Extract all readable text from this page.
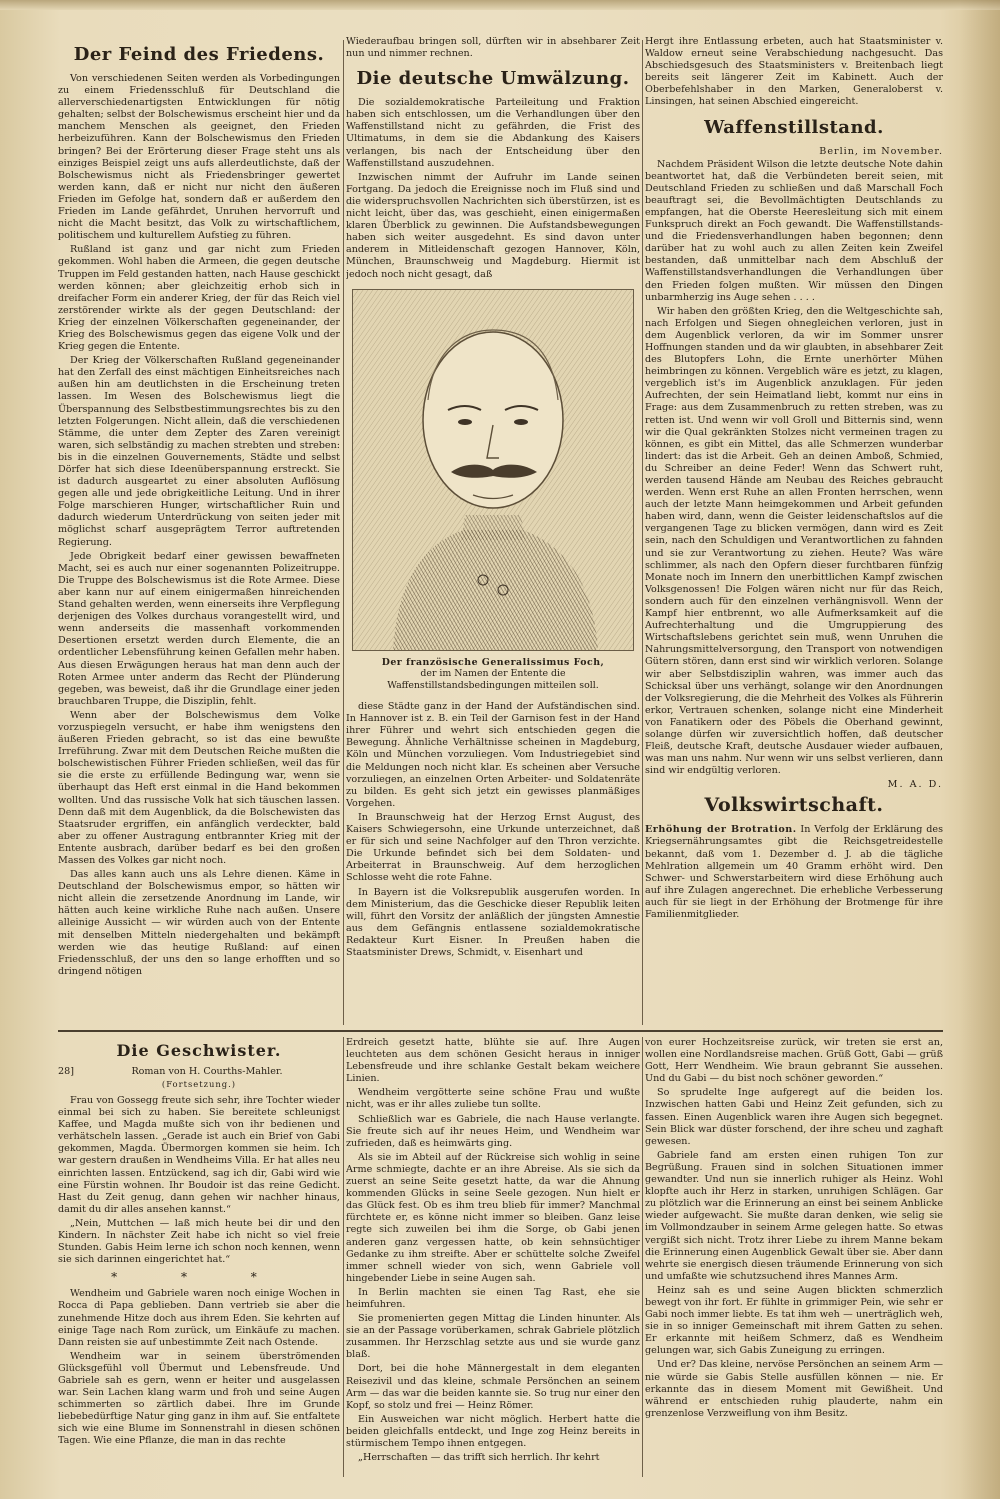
Der Feind des Friedens.

Von verschiedenen Seiten werden als Vorbedingungen zu einem Friedensschluß für Deutschland die allerverschiedenartigsten Entwicklungen für nötig gehalten; selbst der Bolschewismus erscheint hier und da manchem Menschen als geeignet, den Frieden herbeizuführen. Kann der Bolschewismus den Frieden bringen? Bei der Erörterung dieser Frage steht uns als einziges Beispiel zeigt uns aufs allerdeutlichste, daß der Bolschewismus nicht als Friedensbringer gewertet werden kann, daß er nicht nur nicht den äußeren Frieden im Gefolge hat, sondern daß er außerdem den Frieden im Lande gefährdet, Unruhen hervorruft und nicht die Macht besitzt, das Volk zu wirtschaftlichem, politischem und kulturellem Aufstieg zu führen.

Rußland ist ganz und gar nicht zum Frieden gekommen. Wohl haben die Armeen, die gegen deutsche Truppen im Feld gestanden hatten, nach Hause geschickt werden können; aber gleichzeitig erhob sich in dreifacher Form ein anderer Krieg, der für das Reich viel zerstörender wirkte als der gegen Deutschland: der Krieg der einzelnen Völkerschaften gegeneinander, der Krieg des Bolschewismus gegen das eigene Volk und der Krieg gegen die Entente.

Der Krieg der Völkerschaften Rußland gegeneinander hat den Zerfall des einst mächtigen Einheitsreiches nach außen hin am deutlichsten in die Erscheinung treten lassen. Im Wesen des Bolschewismus liegt die Überspannung des Selbstbestimmungsrechtes bis zu den letzten Folgerungen. Nicht allein, daß die verschiedenen Stämme, die unter dem Zepter des Zaren vereinigt waren, sich selbständig zu machen strebten und streben: bis in die einzelnen Gouvernements, Städte und selbst Dörfer hat sich diese Ideenüberspannung erstreckt. Sie ist dadurch ausgeartet zu einer absoluten Auflösung gegen alle und jede obrigkeitliche Leitung. Und in ihrer Folge marschieren Hunger, wirtschaftlicher Ruin und dadurch wiederum Unterdrückung von seiten jeder mit möglichst scharf ausgeprägtem Terror auftretenden Regierung.

Jede Obrigkeit bedarf einer gewissen bewaffneten Macht, sei es auch nur einer sogenannten Polizeitruppe. Die Truppe des Bolschewismus ist die Rote Armee. Diese aber kann nur auf einem einigermaßen hinreichenden Stand gehalten werden, wenn einerseits ihre Verpflegung derjenigen des Volkes durchaus vorangestellt wird, und wenn anderseits die massenhaft vorkommenden Desertionen ersetzt werden durch Elemente, die an ordentlicher Lebensführung keinen Gefallen mehr haben. Aus diesen Erwägungen heraus hat man denn auch der Roten Armee unter anderm das Recht der Plünderung gegeben, was beweist, daß ihr die Grundlage einer jeden brauchbaren Truppe, die Disziplin, fehlt.

Wenn aber der Bolschewismus dem Volke vorzuspiegeln versucht, er habe ihm wenigstens den äußeren Frieden gebracht, so ist das eine bewußte Irreführung. Zwar mit dem Deutschen Reiche mußten die bolschewistischen Führer Frieden schließen, weil das für sie die erste zu erfüllende Bedingung war, wenn sie überhaupt das Heft erst einmal in die Hand bekommen wollten. Und das russische Volk hat sich täuschen lassen. Denn daß mit dem Augenblick, da die Bolschewisten das Staatsruder ergriffen, ein anfänglich verdeckter, bald aber zu offener Austragung entbrannter Krieg mit der Entente ausbrach, darüber bedarf es bei den großen Massen des Volkes gar nicht noch.

Das alles kann auch uns als Lehre dienen. Käme in Deutschland der Bolschewismus empor, so hätten wir nicht allein die zersetzende Anordnung im Lande, wir hätten auch keine wirkliche Ruhe nach außen. Unsere alleinige Aussicht — wir würden auch von der Entente mit denselben Mitteln niedergehalten und bekämpft werden wie das heutige Rußland: auf einen Friedensschluß, der uns den so lange erhofften und so dringend nötigen

Wiederaufbau bringen soll, dürften wir in absehbarer Zeit nun und nimmer rechnen.

Die deutsche Umwälzung.

Die sozialdemokratische Parteileitung und Fraktion haben sich entschlossen, um die Verhandlungen über den Waffenstillstand nicht zu gefährden, die Frist des Ultimatums, in dem sie die Abdankung des Kaisers verlangen, bis nach der Entscheidung über den Waffenstillstand auszudehnen.

Inzwischen nimmt der Aufruhr im Lande seinen Fortgang. Da jedoch die Ereignisse noch im Fluß sind und die widerspruchsvollen Nachrichten sich überstürzen, ist es nicht leicht, über das, was geschieht, einen einigermaßen klaren Überblick zu gewinnen. Die Aufstandsbewegungen haben sich weiter ausgedehnt. Es sind davon unter anderem in Mitleidenschaft gezogen Hannover, Köln, München, Braunschweig und Magdeburg. Hiermit ist jedoch noch nicht gesagt, daß

Der französische Generalissimus Foch,
der im Namen der Entente die Waffenstillstandsbedingungen mitteilen soll.

diese Städte ganz in der Hand der Aufständischen sind. In Hannover ist z. B. ein Teil der Garnison fest in der Hand ihrer Führer und wehrt sich entschieden gegen die Bewegung. Ähnliche Verhältnisse scheinen in Magdeburg, Köln und München vorzuliegen. Vom Industriegebiet sind die Meldungen noch nicht klar. Es scheinen aber Versuche vorzuliegen, an einzelnen Orten Arbeiter- und Soldatenräte zu bilden. Es geht sich jetzt ein gewisses planmäßiges Vorgehen.

In Braunschweig hat der Herzog Ernst August, des Kaisers Schwiegersohn, eine Urkunde unterzeichnet, daß er für sich und seine Nachfolger auf den Thron verzichte. Die Urkunde befindet sich bei dem Soldaten- und Arbeiterrat in Braunschweig. Auf dem herzoglichen Schlosse weht die rote Fahne.

In Bayern ist die Volksrepublik ausgerufen worden. In dem Ministerium, das die Geschicke dieser Republik leiten will, führt den Vorsitz der anläßlich der jüngsten Amnestie aus dem Gefängnis entlassene sozialdemokratische Redakteur Kurt Eisner. In Preußen haben die Staatsminister Drews, Schmidt, v. Eisenhart und

Hergt ihre Entlassung erbeten, auch hat Staatsminister v. Waldow erneut seine Verabschiedung nachgesucht. Das Abschiedsgesuch des Staatsministers v. Breitenbach liegt bereits seit längerer Zeit im Kabinett. Auch der Oberbefehlshaber in den Marken, Generaloberst v. Linsingen, hat seinen Abschied eingereicht.

Waffenstillstand.
Berlin, im November.

Nachdem Präsident Wilson die letzte deutsche Note dahin beantwortet hat, daß die Verbündeten bereit seien, mit Deutschland Frieden zu schließen und daß Marschall Foch beauftragt sei, die Bevollmächtigten Deutschlands zu empfangen, hat die Oberste Heeresleitung sich mit einem Funkspruch direkt an Foch gewandt. Die Waffenstillstands- und die Friedensverhandlungen haben begonnen; denn darüber hat zu wohl auch zu allen Zeiten kein Zweifel bestanden, daß unmittelbar nach dem Abschluß der Waffenstillstandsverhandlungen die Verhandlungen über den Frieden folgen mußten. Wir müssen den Dingen unbarmherzig ins Auge sehen . . . .

Wir haben den größten Krieg, den die Weltgeschichte sah, nach Erfolgen und Siegen ohnegleichen verloren, just in dem Augenblick verloren, da wir im Sommer unsrer Hoffnungen standen und da wir glaubten, in absehbarer Zeit des Blutopfers Lohn, die Ernte unerhörter Mühen heimbringen zu können. Vergeblich wäre es jetzt, zu klagen, vergeblich ist's im Augenblick anzuklagen. Für jeden Aufrechten, der sein Heimatland liebt, kommt nur eins in Frage: aus dem Zusammenbruch zu retten streben, was zu retten ist. Und wenn wir voll Groll und Bitternis sind, wenn wir die Qual gekränkten Stolzes nicht vermeinen tragen zu können, es gibt ein Mittel, das alle Schmerzen wunderbar lindert: das ist die Arbeit. Geh an deinen Amboß, Schmied, du Schreiber an deine Feder! Wenn das Schwert ruht, werden tausend Hände am Neubau des Reiches gebraucht werden. Wenn erst Ruhe an allen Fronten herrschen, wenn auch der letzte Mann heimgekommen und Arbeit gefunden haben wird, dann, wenn die Geister leidenschaftslos auf die vergangenen Tage zu blicken vermögen, dann wird es Zeit sein, nach den Schuldigen und Verantwortlichen zu fahnden und sie zur Verantwortung zu ziehen. Heute? Was wäre schlimmer, als nach den Opfern dieser furchtbaren fünfzig Monate noch im Innern den unerbittlichen Kampf zwischen Volksgenossen! Die Folgen wären nicht nur für das Reich, sondern auch für den einzelnen verhängnisvoll. Wenn der Kampf hier entbrennt, wo alle Aufmerksamkeit auf die Aufrechterhaltung und die Umgruppierung des Wirtschaftslebens gerichtet sein muß, wenn Unruhen die Nahrungsmittelversorgung, den Transport von notwendigen Gütern stören, dann erst sind wir wirklich verloren. Solange wir aber Selbstdisziplin wahren, was immer auch das Schicksal über uns verhängt, solange wir den Anordnungen der Volksregierung, die die Mehrheit des Volkes als Führerin erkor, Vertrauen schenken, solange nicht eine Minderheit von Fanatikern oder des Pöbels die Oberhand gewinnt, solange dürfen wir zuversichtlich hoffen, daß deutscher Fleiß, deutsche Kraft, deutsche Ausdauer wieder aufbauen, was man uns nahm. Nur wenn wir uns selbst verlieren, dann sind wir endgültig verloren.

M. A. D.
Volkswirtschaft.

Erhöhung der Brotration. In Verfolg der Erklärung des Kriegsernährungsamtes gibt die Reichsgetreidestelle bekannt, daß vom 1. Dezember d. J. ab die tägliche Mehlration allgemein um 40 Gramm erhöht wird. Den Schwer- und Schwerstarbeitern wird diese Erhöhung auch auf ihre Zulagen angerechnet. Die erhebliche Verbesserung auch für sie liegt in der Erhöhung der Brotmenge für ihre Familienmitglieder.

Die Geschwister.
28]	Roman von H. Courths-Mahler.
(Fortsetzung.)

Frau von Gossegg freute sich sehr, ihre Tochter wieder einmal bei sich zu haben. Sie bereitete schleunigst Kaffee, und Magda mußte sich von ihr bedienen und verhätscheln lassen. „Gerade ist auch ein Brief von Gabi gekommen, Magda. Übermorgen kommen sie heim. Ich war gestern draußen in Wendheims Villa. Er hat alles neu einrichten lassen. Entzückend, sag ich dir, Gabi wird wie eine Fürstin wohnen. Ihr Boudoir ist das reine Gedicht. Hast du Zeit genug, dann gehen wir nachher hinaus, damit du dir alles ansehen kannst.“

„Nein, Muttchen — laß mich heute bei dir und den Kindern. In nächster Zeit habe ich nicht so viel freie Stunden. Gabis Heim lerne ich schon noch kennen, wenn sie sich darinnen eingerichtet hat.“

* * *

Wendheim und Gabriele waren noch einige Wochen in Rocca di Papa geblieben. Dann vertrieb sie aber die zunehmende Hitze doch aus ihrem Eden. Sie kehrten auf einige Tage nach Rom zurück, um Einkäufe zu machen. Dann reisten sie auf unbestimmte Zeit nach Ostende.

Wendheim war in seinem überströmenden Glücksgefühl voll Übermut und Lebensfreude. Und Gabriele sah es gern, wenn er heiter und ausgelassen war. Sein Lachen klang warm und froh und seine Augen schimmerten so zärtlich dabei. Ihre im Grunde liebebedürftige Natur ging ganz in ihm auf. Sie entfaltete sich wie eine Blume im Sonnenstrahl in diesen schönen Tagen. Wie eine Pflanze, die man in das rechte

Erdreich gesetzt hatte, blühte sie auf. Ihre Augen leuchteten aus dem schönen Gesicht heraus in inniger Lebensfreude und ihre schlanke Gestalt bekam weichere Linien.

Wendheim vergötterte seine schöne Frau und wußte nicht, was er ihr alles zuliebe tun sollte.

Schließlich war es Gabriele, die nach Hause verlangte. Sie freute sich auf ihr neues Heim, und Wendheim war zufrieden, daß es heimwärts ging.

Als sie im Abteil auf der Rückreise sich wohlig in seine Arme schmiegte, dachte er an ihre Abreise. Als sie sich da zuerst an seine Seite gesetzt hatte, da war die Ahnung kommenden Glücks in seine Seele gezogen. Nun hielt er das Glück fest. Ob es ihm treu blieb für immer? Manchmal fürchtete er, es könne nicht immer so bleiben. Ganz leise regte sich zuweilen bei ihm die Sorge, ob Gabi jenen anderen ganz vergessen hatte, ob kein sehnsüchtiger Gedanke zu ihm streifte. Aber er schüttelte solche Zweifel immer schnell wieder von sich, wenn Gabriele voll hingebender Liebe in seine Augen sah.

In Berlin machten sie einen Tag Rast, ehe sie heimfuhren.

Sie promenierten gegen Mittag die Linden hinunter. Als sie an der Passage vorüberkamen, schrak Gabriele plötzlich zusammen. Ihr Herzschlag setzte aus und sie wurde ganz blaß.

Dort, bei die hohe Männergestalt in dem eleganten Reisezivil und das kleine, schmale Persönchen an seinem Arm — das war die beiden kannte sie. So trug nur einer den Kopf, so stolz und frei — Heinz Römer.

Ein Ausweichen war nicht möglich. Herbert hatte die beiden gleichfalls entdeckt, und Inge zog Heinz bereits in stürmischem Tempo ihnen entgegen.

„Herrschaften — das trifft sich herrlich. Ihr kehrt

von eurer Hochzeitsreise zurück, wir treten sie erst an, wollen eine Nordlandsreise machen. Grüß Gott, Gabi — grüß Gott, Herr Wendheim. Wie braun gebrannt Sie aussehen. Und du Gabi — du bist noch schöner geworden.“

So sprudelte Inge aufgeregt auf die beiden los. Inzwischen hatten Gabi und Heinz Zeit gefunden, sich zu fassen. Einen Augenblick waren ihre Augen sich begegnet. Sein Blick war düster forschend, der ihre scheu und zaghaft gewesen.

Gabriele fand am ersten einen ruhigen Ton zur Begrüßung. Frauen sind in solchen Situationen immer gewandter. Und nun sie innerlich ruhiger als Heinz. Wohl klopfte auch ihr Herz in starken, unruhigen Schlägen. Gar zu plötzlich war die Erinnerung an einst bei seinem Anblicke wieder aufgewacht. Sie mußte daran denken, wie selig sie im Vollmondzauber in seinem Arme gelegen hatte. So etwas vergißt sich nicht. Trotz ihrer Liebe zu ihrem Manne bekam die Erinnerung einen Augenblick Gewalt über sie. Aber dann wehrte sie energisch diesen träumende Erinnerung von sich und umfaßte wie schutzsuchend ihres Mannes Arm.

Heinz sah es und seine Augen blickten schmerzlich bewegt von ihr fort. Er fühlte in grimmiger Pein, wie sehr er Gabi noch immer liebte. Es tat ihm weh — unerträglich weh, sie in so inniger Gemeinschaft mit ihrem Gatten zu sehen. Er erkannte mit heißem Schmerz, daß es Wendheim gelungen war, sich Gabis Zuneigung zu erringen.

Und er? Das kleine, nervöse Persönchen an seinem Arm — nie würde sie Gabis Stelle ausfüllen können — nie. Er erkannte das in diesem Moment mit Gewißheit. Und während er entschieden ruhig plauderte, nahm ein grenzenlose Verzweiflung von ihm Besitz.
